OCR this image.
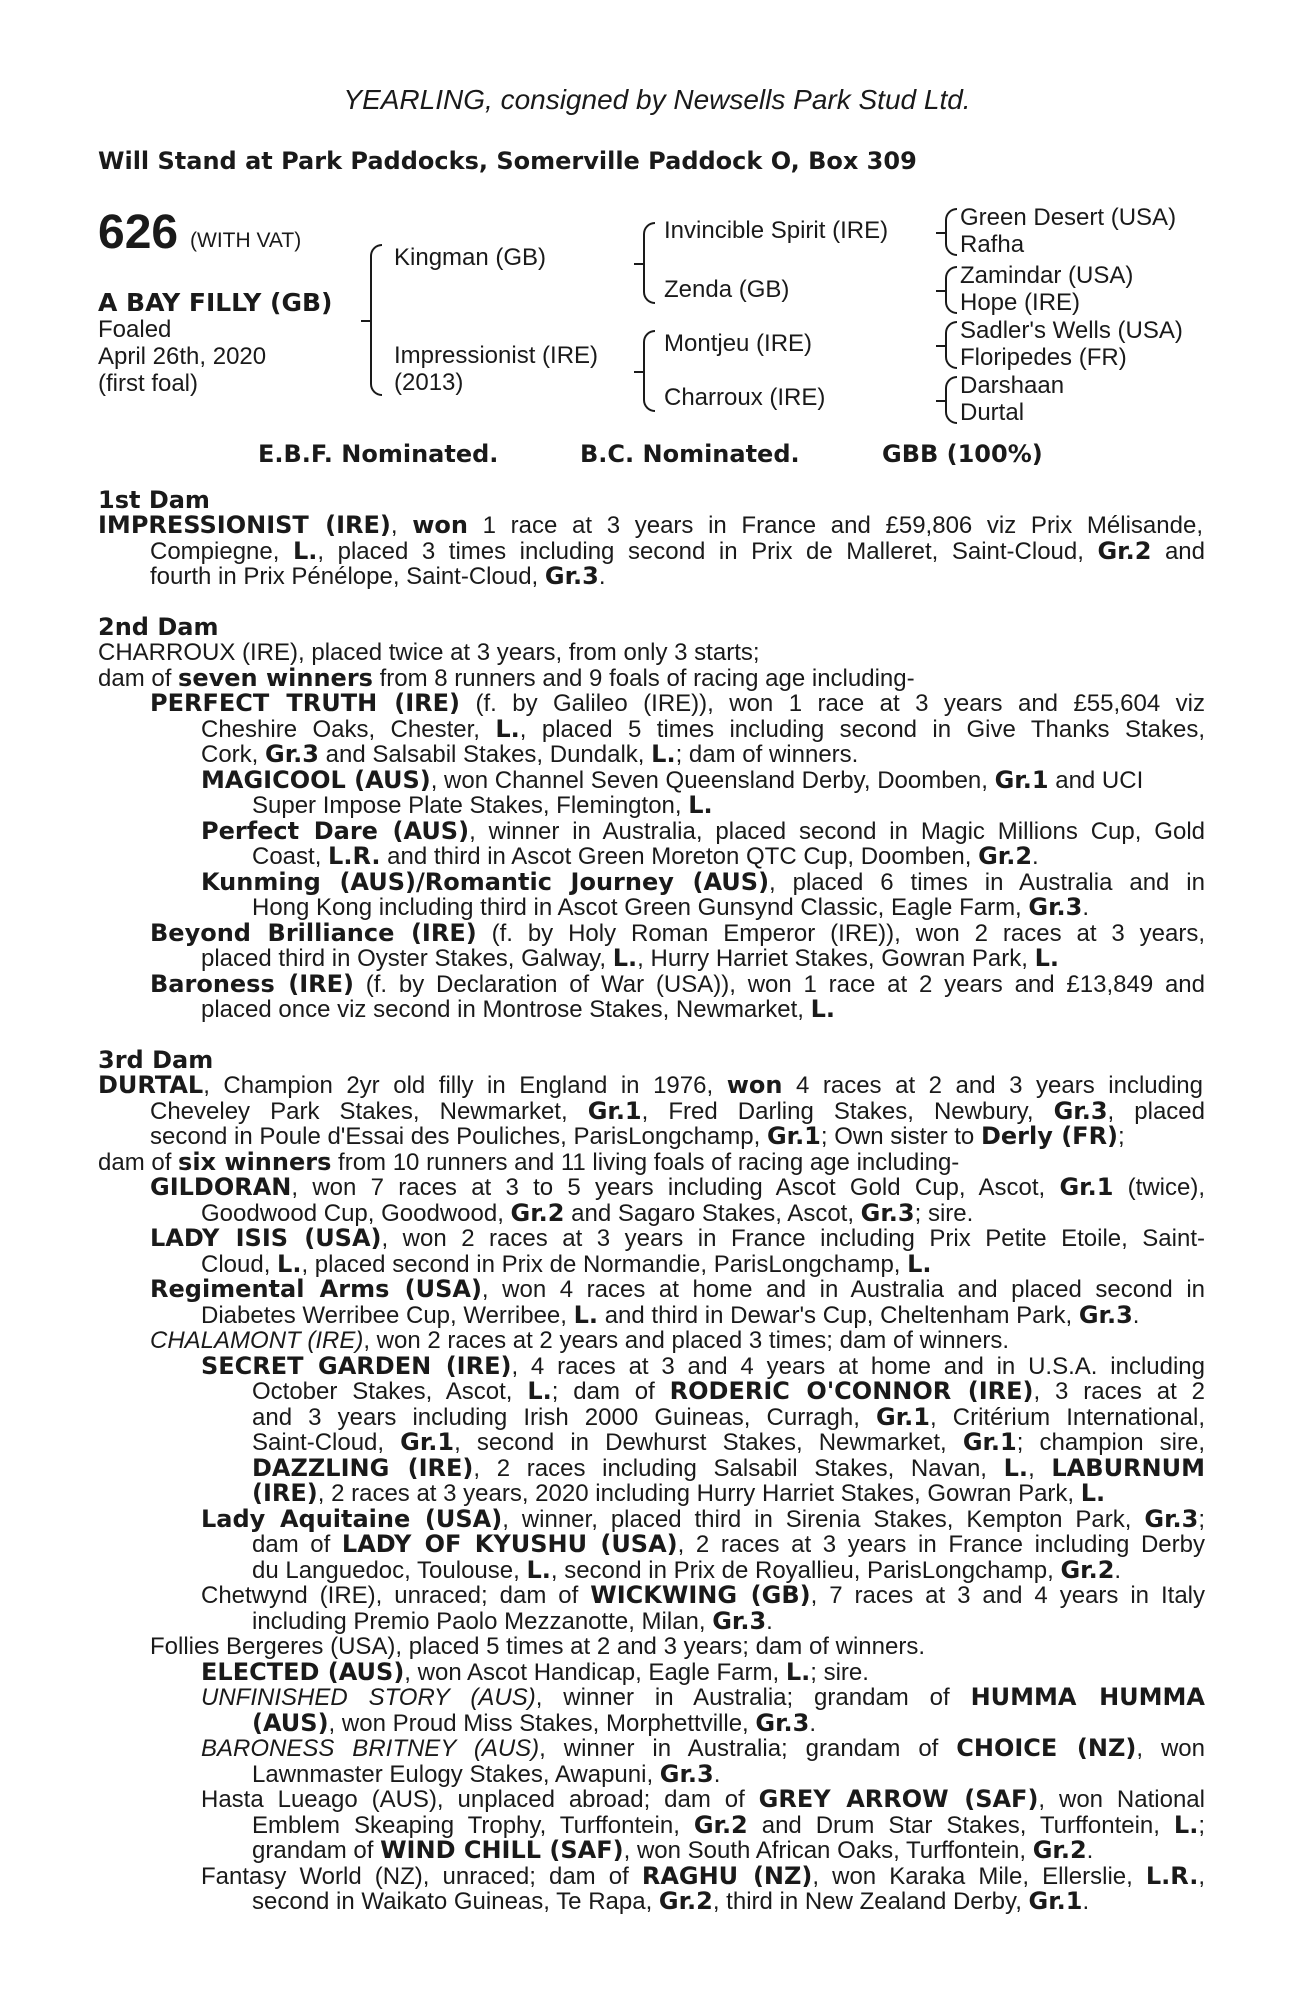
YEARLING, consigned by Newsells Park Stud Ltd.
Will Stand at Park Paddocks, Somerville Paddock O, Box 309
626 (WITH VAT)
A BAY FILLY (GB)
Foaled
April 26th, 2020
(first foal)
Kingman (GB)
Impressionist (IRE)
(2013)
Invincible Spirit (IRE)
Zenda (GB)
Montjeu (IRE)
Charroux (IRE)
Green Desert (USA)
Rafha
Zamindar (USA)
Hope (IRE)
Sadler's Wells (USA)
Floripedes (FR)
Darshaan
Durtal
E.B.F. Nominated.	B.C. Nominated.	GBB (100%)
1st Dam
IMPRESSIONIST (IRE), won 1 race at 3 years in France and £59,806 viz Prix Mélisande,
Compiegne, L., placed 3 times including second in Prix de Malleret, Saint-Cloud, Gr.2 and
fourth in Prix Pénélope, Saint-Cloud, Gr.3.
2nd Dam
CHARROUX (IRE), placed twice at 3 years, from only 3 starts;
dam of seven winners from 8 runners and 9 foals of racing age including-
PERFECT TRUTH (IRE) (f. by Galileo (IRE)), won 1 race at 3 years and £55,604 viz
Cheshire Oaks, Chester, L., placed 5 times including second in Give Thanks Stakes,
Cork, Gr.3 and Salsabil Stakes, Dundalk, L.; dam of winners.
MAGICOOL (AUS), won Channel Seven Queensland Derby, Doomben, Gr.1 and UCI
Super Impose Plate Stakes, Flemington, L.
Perfect Dare (AUS), winner in Australia, placed second in Magic Millions Cup, Gold
Coast, L.R. and third in Ascot Green Moreton QTC Cup, Doomben, Gr.2.
Kunming (AUS)/Romantic Journey (AUS), placed 6 times in Australia and in
Hong Kong including third in Ascot Green Gunsynd Classic, Eagle Farm, Gr.3.
Beyond Brilliance (IRE) (f. by Holy Roman Emperor (IRE)), won 2 races at 3 years,
placed third in Oyster Stakes, Galway, L., Hurry Harriet Stakes, Gowran Park, L.
Baroness (IRE) (f. by Declaration of War (USA)), won 1 race at 2 years and £13,849 and
placed once viz second in Montrose Stakes, Newmarket, L.
3rd Dam
DURTAL, Champion 2yr old filly in England in 1976, won 4 races at 2 and 3 years including
Cheveley Park Stakes, Newmarket, Gr.1, Fred Darling Stakes, Newbury, Gr.3, placed
second in Poule d'Essai des Pouliches, ParisLongchamp, Gr.1; Own sister to Derly (FR);
dam of six winners from 10 runners and 11 living foals of racing age including-
GILDORAN, won 7 races at 3 to 5 years including Ascot Gold Cup, Ascot, Gr.1 (twice),
Goodwood Cup, Goodwood, Gr.2 and Sagaro Stakes, Ascot, Gr.3; sire.
LADY ISIS (USA), won 2 races at 3 years in France including Prix Petite Etoile, Saint-
Cloud, L., placed second in Prix de Normandie, ParisLongchamp, L.
Regimental Arms (USA), won 4 races at home and in Australia and placed second in
Diabetes Werribee Cup, Werribee, L. and third in Dewar's Cup, Cheltenham Park, Gr.3.
CHALAMONT (IRE), won 2 races at 2 years and placed 3 times; dam of winners.
SECRET GARDEN (IRE), 4 races at 3 and 4 years at home and in U.S.A. including
October Stakes, Ascot, L.; dam of RODERIC O'CONNOR (IRE), 3 races at 2
and 3 years including Irish 2000 Guineas, Curragh, Gr.1, Critérium International,
Saint-Cloud, Gr.1, second in Dewhurst Stakes, Newmarket, Gr.1; champion sire,
DAZZLING (IRE), 2 races including Salsabil Stakes, Navan, L., LABURNUM
(IRE), 2 races at 3 years, 2020 including Hurry Harriet Stakes, Gowran Park, L.
Lady Aquitaine (USA), winner, placed third in Sirenia Stakes, Kempton Park, Gr.3;
dam of LADY OF KYUSHU (USA), 2 races at 3 years in France including Derby
du Languedoc, Toulouse, L., second in Prix de Royallieu, ParisLongchamp, Gr.2.
Chetwynd (IRE), unraced; dam of WICKWING (GB), 7 races at 3 and 4 years in Italy
including Premio Paolo Mezzanotte, Milan, Gr.3.
Follies Bergeres (USA), placed 5 times at 2 and 3 years; dam of winners.
ELECTED (AUS), won Ascot Handicap, Eagle Farm, L.; sire.
UNFINISHED STORY (AUS), winner in Australia; grandam of HUMMA HUMMA
(AUS), won Proud Miss Stakes, Morphettville, Gr.3.
BARONESS BRITNEY (AUS), winner in Australia; grandam of CHOICE (NZ), won
Lawnmaster Eulogy Stakes, Awapuni, Gr.3.
Hasta Lueago (AUS), unplaced abroad; dam of GREY ARROW (SAF), won National
Emblem Skeaping Trophy, Turffontein, Gr.2 and Drum Star Stakes, Turffontein, L.;
grandam of WIND CHILL (SAF), won South African Oaks, Turffontein, Gr.2.
Fantasy World (NZ), unraced; dam of RAGHU (NZ), won Karaka Mile, Ellerslie, L.R.,
second in Waikato Guineas, Te Rapa, Gr.2, third in New Zealand Derby, Gr.1.
